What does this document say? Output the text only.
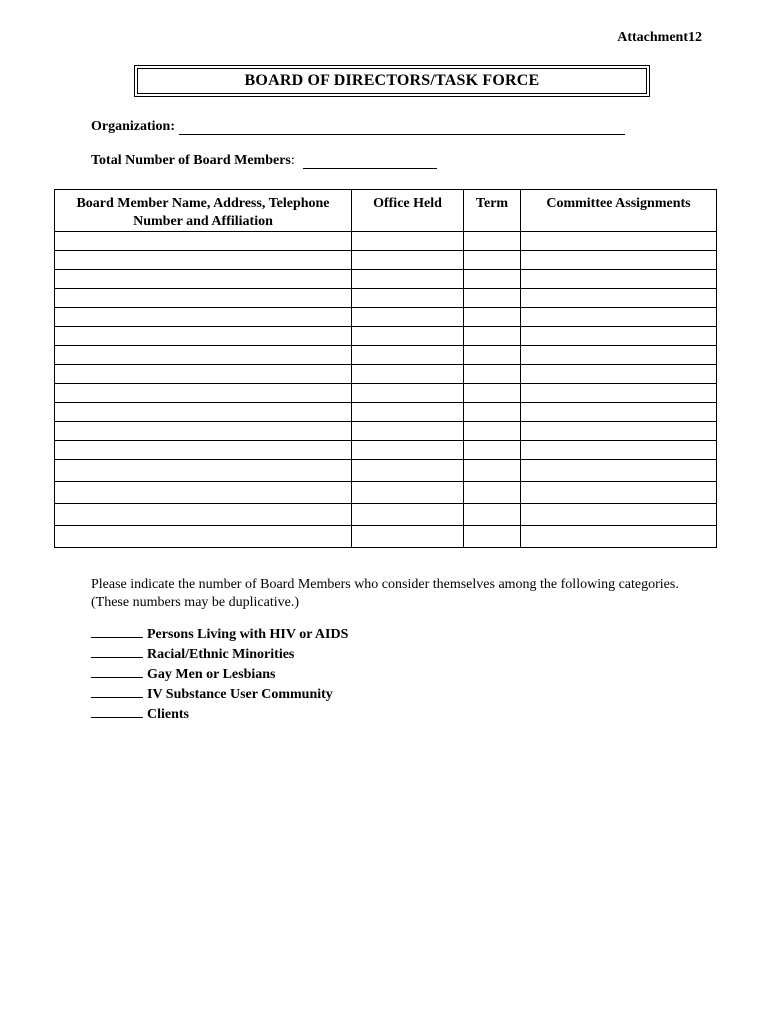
Attachment12
BOARD OF DIRECTORS/TASK FORCE
Organization:
Total Number of Board Members :
Board Member Name, Address, Telephone Number and Affiliation	Office Held	Term	Committee Assignments

Please indicate the number of Board Members who consider themselves among the following categories. (These numbers may be duplicative.)
Persons Living with HIV or AIDS
Racial/Ethnic Minorities
Gay Men or Lesbians
IV Substance User Community
Clients
